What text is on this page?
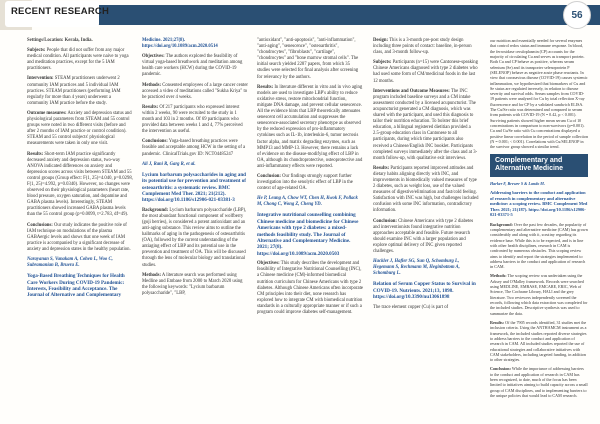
RECENT RESEARCH	56

Settings/Location: Kerala, India.

Subjects: People that did not suffer from any major medical condition. All participants were naive to yoga and meditation practices, except for the 5 IAM practitioners.

Intervention: STEAM practitioners underwent 2 community IAM practices and 5 individual IAM practices. STEAM practitioners (performing IAM regularly for more than 4 years) underwent a community IAM practice before the study.

Outcome measures: Anxiety and depression status and physiological parameters from STEAM and 55 control groups were noted in two different visits (before and after 2 months of IAM practice or control condition). STEAM and 55 control subjects' physiological measurements were taken in only one visit.

Results: Short-term IAM practice significantly decreased anxiety and depression status, two-way ANOVA indicated differences on anxiety and depression scores across visits between STEAM and 55 control groups (Group effect: F(1, 25)=4.040, p=0.0298, F(1, 25)=4.992, p=0.0340). However, no changes were observed on their physiological parameters (heart rate, blood pressure, oxygen saturation, and dopamine and GABA plasma levels). Interestingly, STEAM practitioners showed increased GABA plasma levels than the 55 control group (p=0.0099, t=2.783, df=49).

Conclusions: Our study indicates the positive role of IAM technique on modulations of the plasma GABAergic levels and shows that one week of IAM practice is accompanied by a significant decrease of anxiety and depression states in the healthy population.

Narayanan S, Vanakam A, Cohen L, Woo C, Subramanian B, Bruera E.

Yoga-Based Breathing Techniques for Health Care Workers During COVID-19 Pandemic: Interests, Feasibility and Acceptance. The Journal of Alternative and Complementary

Medicine. 2021;27(8). https://doi.org/10.1089/acm.2020.0514

Objectives: The authors explored the feasibility of virtual yoga-based breathwork and meditation among health care workers (HCW) during the COVID-19 pandemic.

Methods: Consented employees of a large cancer center accessed a video of meditations called "Sukha Kriya" to be practiced over 4 weeks.

Results: Of 217 participants who expressed interest within 2 weeks, 90 were recruited to the study in 1 month and 103 in 2 months. Of 69 participants who provided data between weeks 1 and 4, 77% perceived the intervention as useful.

Conclusions: Yoga-based breathing practices were feasible and acceptable among HCW in the setting of a pandemic. ClinicalTrials.gov ID: NCT04485247

Ali J, Rani R, Garg R, et al.

Lycium barbarum polysaccharides in aging and its potential use for prevention and treatment of osteoarthritis: a systematic review. BMC Complement Med Ther. 2021; 21(212). https://doi.org/10.1186/s12906-021-03381-3

Background: Lycium barbarum polysaccharide (LBP), the most abundant functional component of wolfberry (goji berries), is considered a potent antioxidant and an anti-aging substance. This review aims to outline the hallmarks of aging in the pathogenesis of osteoarthritis (OA), followed by the current understanding of the antiaging effect of LBP and its potential use in the prevention and treatment of OA. This will be discussed through the lens of molecular biology and translational studies.

Methods: A literature search was performed using Medline and Embase from 2000 to March 2020 using the following keywords: "Lycium barbarum polysaccharide", "LBP,

"antioxidant", "anti-apoptosis", "anti-inflammation", "anti-aging", "senescence", "osteoarthritis", "chondrocytes", "fibroblasts", "cartilage", "chondrocytes" and "bone marrow stromal cells". The initial search yielded 2287 papers, from which 35 studies were selected for final analysis after screening for relevancy by the authors.

Results: In literature different in vitro and in vivo aging models are used to investigate LBP's ability to reduce oxidative stress, restore mitochondrial function, mitigate DNA damage, and prevent cellular senescence. All the evidence hints that LBP theoretically attenuates senescent cell accumulation and suppresses the senescence-associated secretory phenotype as observed by the reduced expression of pro-inflammatory cytokines such as IL-1b, interleukin-6, tumor necrosis factor alpha, and matrix degrading enzymes, such as MMP13 and MMP-13. However, there remains a lack of evidence on the disease-modifying effect of LBP in OA, although its chondroprotective, osteoprotective and anti-inflammatory effects were reported.

Conclusion: Our findings strongly support further investigation into the senolytic effect of LBP in the context of age-related OA.

He P, Leung A, Chow WT, Chen H, Kwok F, Pollack M, Chong C, Wong Z, Cheng YD.

Integrative nutritional counselling combining Chinese medicine and biomedicine for Chinese Americans with type 2 diabetes: a mixed-methods feasibility study. The Journal of Alternative and Complementary Medicine. 2021; 27(8). https://doi.org/10.1089/acm.2020.0503

Objectives: This study describes the development and feasibility of Integrative Nutritional Counselling (INC), a Chinese medicine (CM)-informed biomedical nutrition curriculum for Chinese Americans with type 2 diabetes. Although Chinese Americans often incorporate CM principles into their diet, none research has explored how to integrate CM with biomedical nutrition standards in a culturally appropriate manner or if such a program could improve diabetes self-management.

Design: This is a 3-month pre-post study design including three points of contact: baseline, in-person class, and 3-month follow-up.

Subjects: Participants (n=15) were Cantonese-speaking Chinese Americans diagnosed with type 2 diabetes who had used some form of CM/medicinal foods in the last 12 months.

Interventions and Outcome Measures: The INC program included baseline surveys and a CM intake assessment conducted by a licensed acupuncturist. The acupuncturist generated a CM diagnosis, which was shared with the participant, and used this diagnosis to tailor their nutrition education. To bolster this brief education, a bilingual registered dietitian provided a 2.5-group education class in Cantonese to all participants, during which time participants also received a Chinese/English INC booklet. Participants completed surveys immediately after the class and at 3-month follow-up, with qualitative exit interviews.

Results: Participants reported improved attitudes and dietary habits aligning directly with INC, and improvements in biomedically valued measures of type 2 diabetes, such as weight loss, use of the valued measures of digestive/elimination and fast/cold feeling. Satisfaction with INC was high, but challenges included confusion with some INC information, contradictory information.

Conclusion: Chinese Americans with type 2 diabetes and interventionists found integrative nutrition approaches acceptable and feasible. Future research should examine INC with a larger population and explore optimal delivery of INC given reported challenges.

Hackler J, Hafler SG, Sun Q, Schomburg L, Hegemann S, Rechmann M, Heginbottom A, Schomburg L.

Relation of Serum Copper Status to Survival in COVID-19. Nutrients. 2021;13, 1898. https://doi.org/10.3390/nu13061898

The trace element copper (Cu) is part of

our nutrition and essentially needed for several enzymes that control redox status and immune response. In blood, the ferroxidase ceruloplasmin (CP) accounts for the majority of circulating Cu and serves as transport protein. Both Cu and CP behave as positive, whereas serum selenium (Se) and its transporter selenoprotein P (SELENOP) behave as negative acute phase reactants. In view that coronavirus disease (COVID-19) causes systemic inflammation, we hypothesized that biomarkers of Cu and Se status are regulated inversely, in relation to disease severity and survival odds. Serum samples from COVID-19 patients were analyzed for Cu by total reflection X-ray fluorescence and for CP by a validated sandwich ELISA. The Cu/Se ratio was determined and compared to serum from patients with COVID-19 (N = 0.42, p < 0.001). Surviving patients showed higher mean serum Cu of 10 concentrations in comparison to non-survivors (p=0.001). Cu and Cu/Se ratio with Cu concentrations displayed a positive linear correlation in the period of sample collection (N = 0.001; < 0.001). Correlations with Cu/SELENOP in the survivor group showed a similar trend.

Complementary and Alternative Medicine

Harker F, Brewer S & Lando M.

Addressing barriers to the conduct and application of research in complementary and alternative medicine: a scoping review. BMC Complement Med Ther. 2021; 21(187). https://doi.org/10.1186/s12906-021-03371-5

Background: Over the past few decades, the popularity of complementary and alternative medicine (CAM) has grown considerably and along with it, scrutiny regarding its evidence base. While this is to be expected, and is in line with other health disciplines, research in CAM is confronted by numerous obstacles. This scoping review aims to identify and report the strategies implemented to address barriers to the conduct and application of research in CAM.

Methods: The scoping review was undertaken using the Arksey and O'Malley framework. Records were searched using MEDLINE, EMBASE, EMCARE, ERIC, Web of Science, The Cochrane Library, HALI and the grey literature. Two reviewers independently screened the records, following which data extraction was completed for the included studies. Descriptive synthesis was used to summarize the data.

Results: Of the 7905 records identified, 31 studies met the inclusion criteria. Using the ANTHAMCM instrument as a framework, the included studies reported diverse strategies to address barriers to the conduct and application of research in CAM. All included studies reported the use of educational strategies and collaborative initiatives with CAM stakeholders, including targeted funding, in addition to other strategies.

Conclusion: While the importance of addressing barriers to the conduct and application of research in CAM has been recognized, to date, much of the focus has been limited to initiatives aiming to build capacity across a small group of CAM disciplines, and to implementing barriers to the unique policies that would lead to CAM research.
